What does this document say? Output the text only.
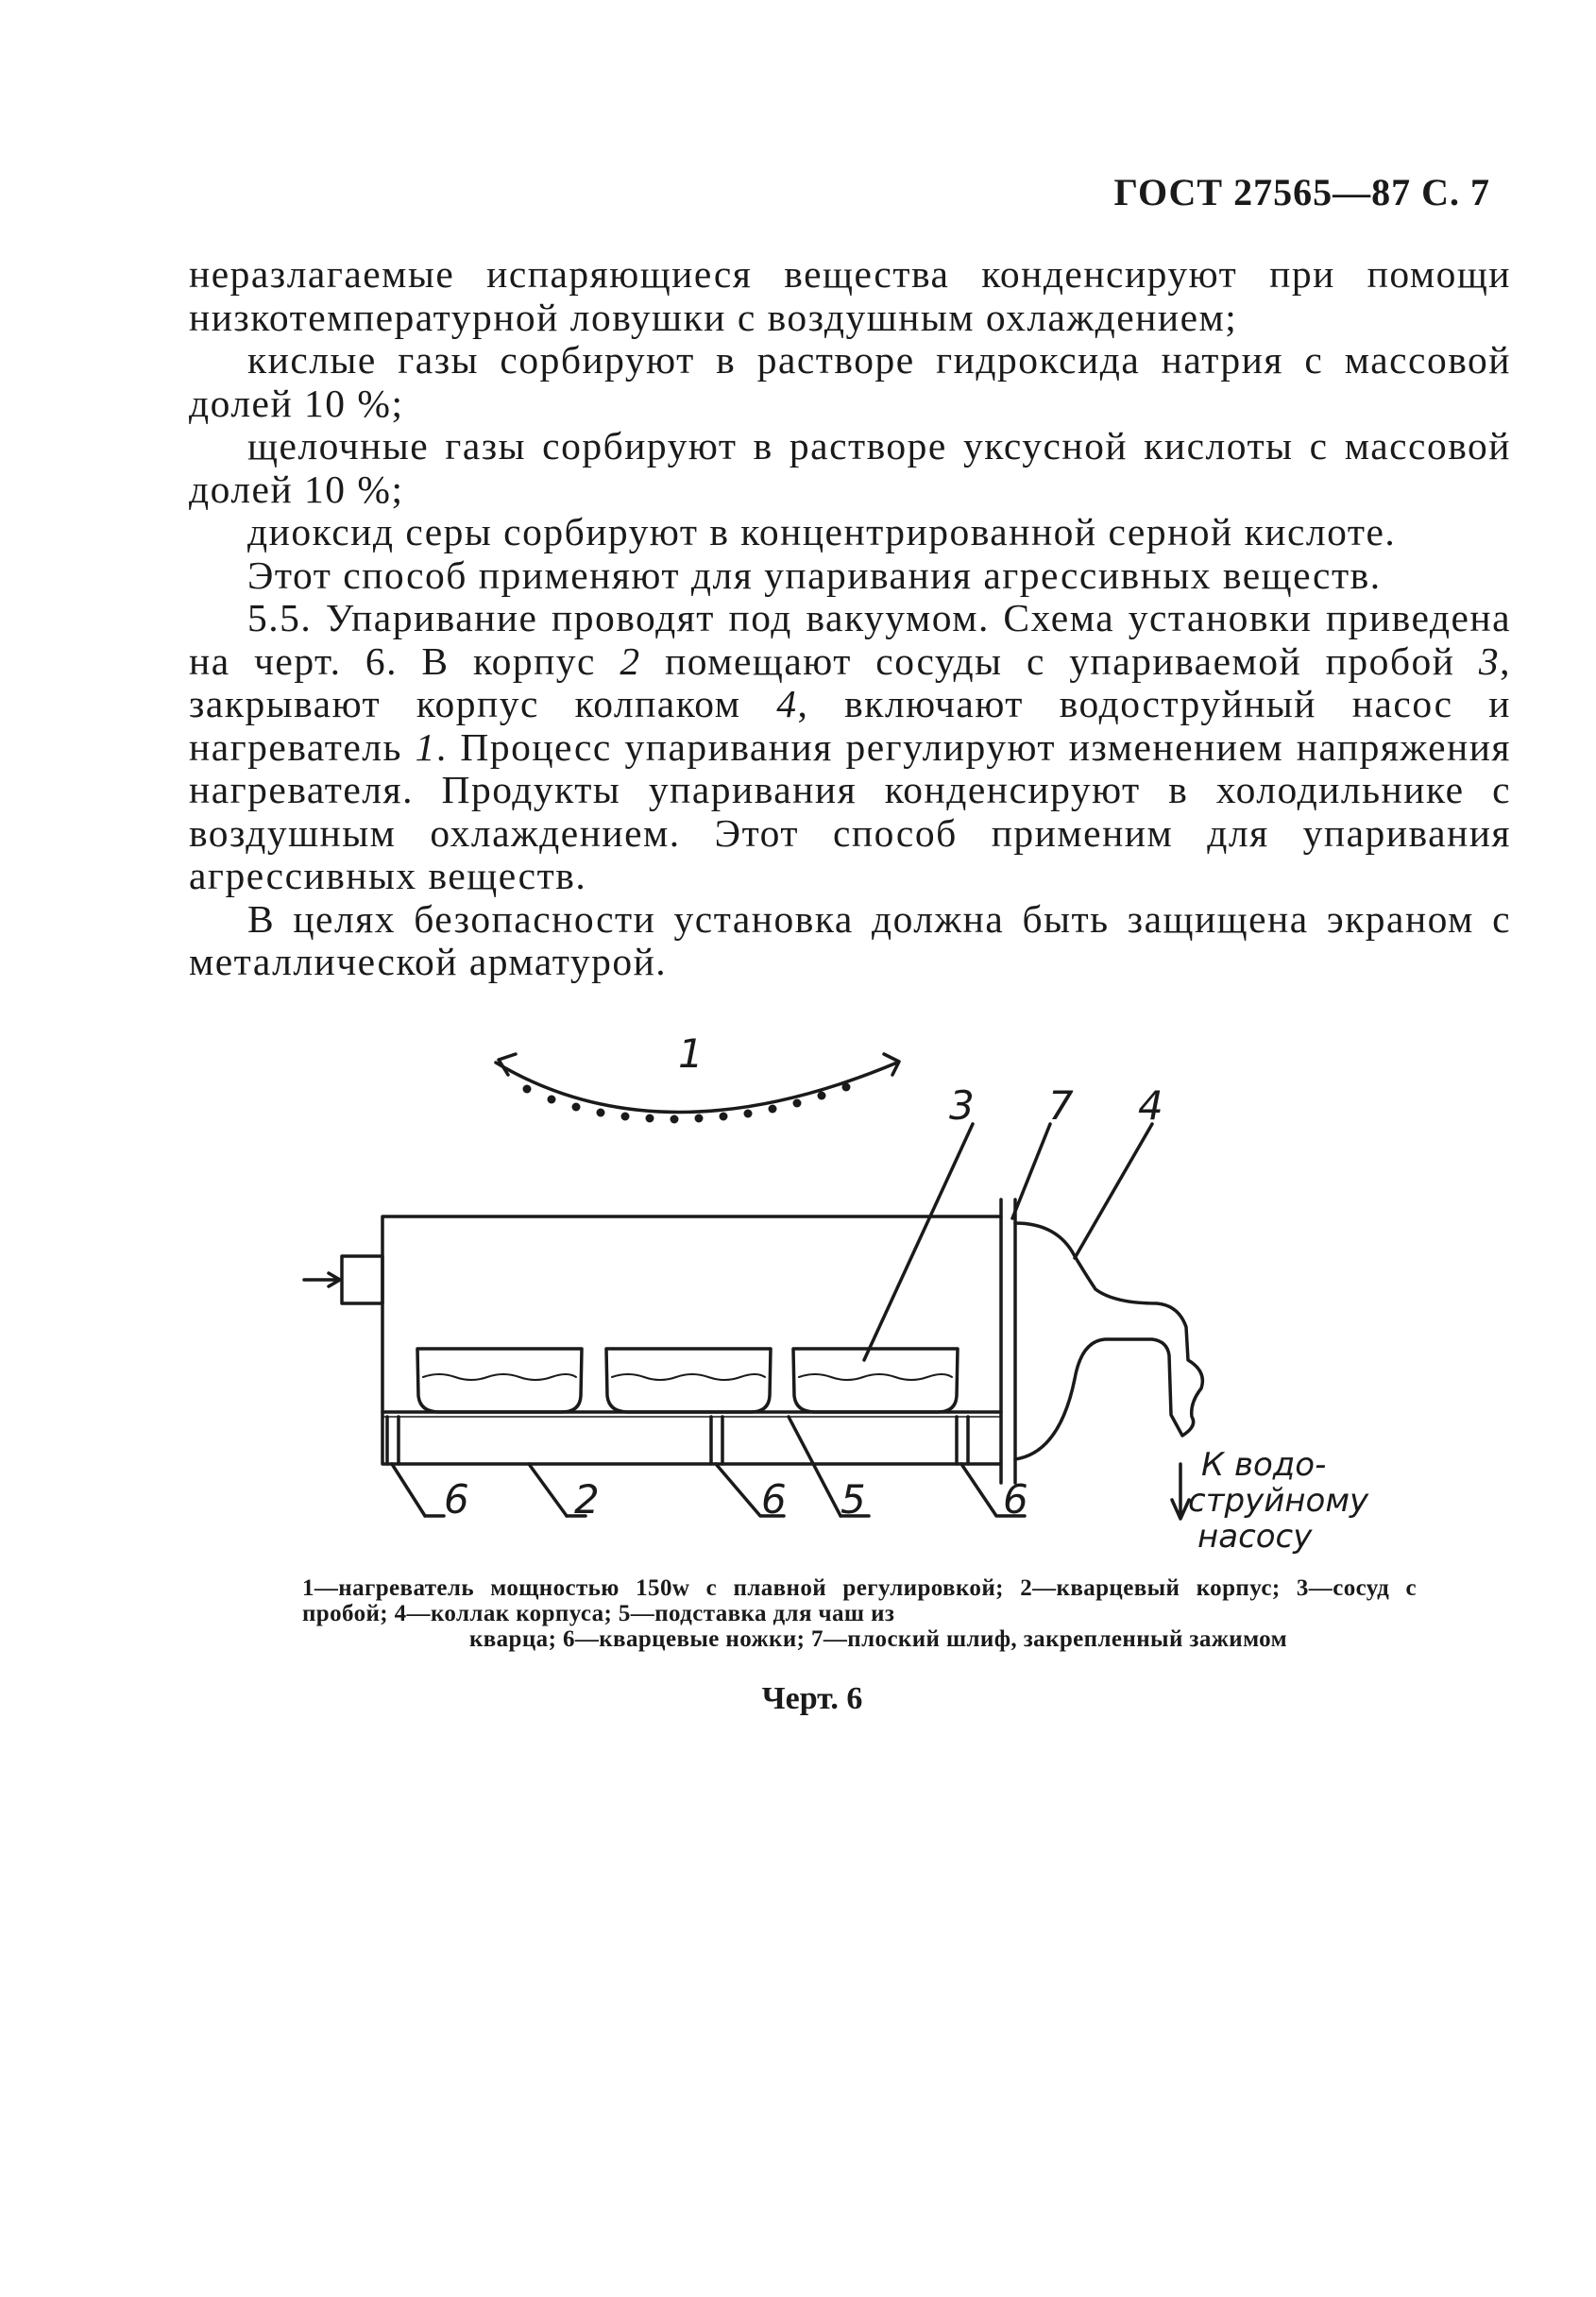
ГОСТ 27565—87 С. 7

неразлагаемые испаряющиеся вещества конденсируют при помощи низкотемпературной ловушки с воздушным охлаждением;

кислые газы сорбируют в растворе гидроксида натрия с массовой долей 10 %;

щелочные газы сорбируют в растворе уксусной кислоты с массовой долей 10 %;

диоксид серы сорбируют в концентрированной серной кислоте.

Этот способ применяют для упаривания агрессивных веществ.

5.5. Упаривание проводят под вакуумом. Схема установки приведена на черт. 6. В корпус 2 помещают сосуды с упариваемой пробой 3, закрывают корпус колпаком 4, включают водоструйный насос и нагреватель 1. Процесс упаривания регулируют изменением напряжения нагревателя. Продукты упаривания конденсируют в холодильнике с воздушным охлаждением. Этот способ применим для упаривания агрессивных веществ.

В целях безопасности установка должна быть защищена экраном с металлической арматурой.

1
3 7 4
6	2	6 5	6
К водо-
струйному
насосу

1—нагреватель мощностью 150w с плавной регулировкой; 2—кварцевый корпус; 3—сосуд с пробой; 4—коллак корпуса; 5—подставка для чаш из

кварца; 6—кварцевые ножки; 7—плоский шлиф, закрепленный зажимом

Черт. 6
